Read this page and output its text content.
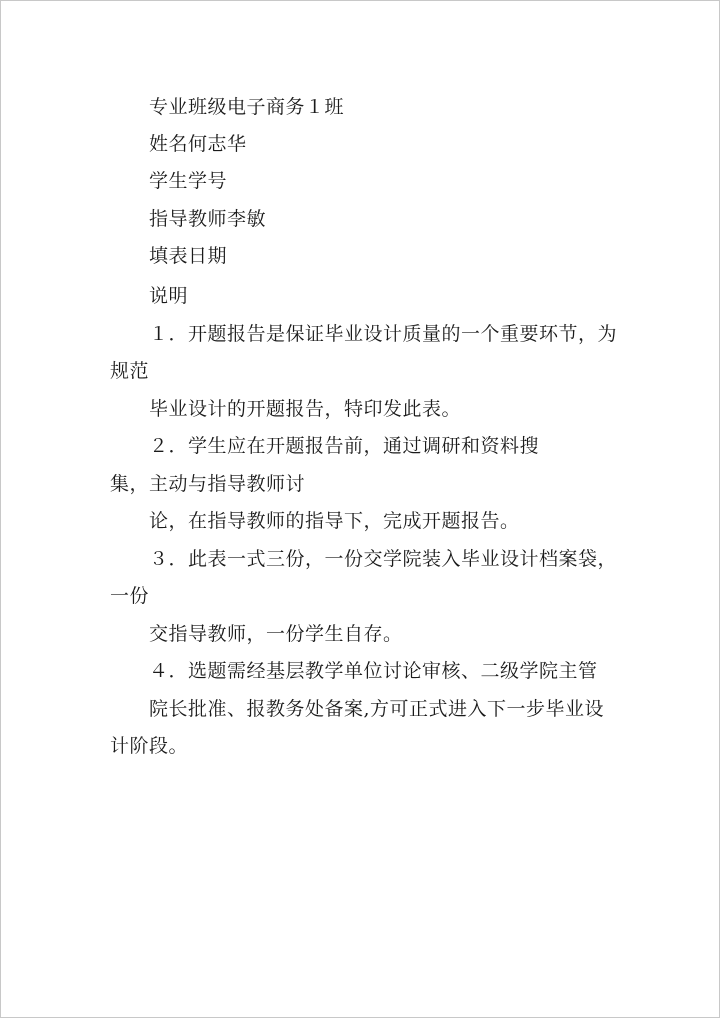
专业班级电子商务１班
姓名何志华
学生学号
指导教师李敏
填表日期
说明
１．开题报告是保证毕业设计质量的一个重要环节，为
规范
毕业设计的开题报告，特印发此表。
２．学生应在开题报告前，通过调研和资料搜
集，主动与指导教师讨
论，在指导教师的指导下，完成开题报告。
３．此表一式三份，一份交学院装入毕业设计档案袋，
一份
交指导教师，一份学生自存。
４．选题需经基层教学单位讨论审核、二级学院主管
院长批准、报教务处备案,方可正式进入下一步毕业设
计阶段。
